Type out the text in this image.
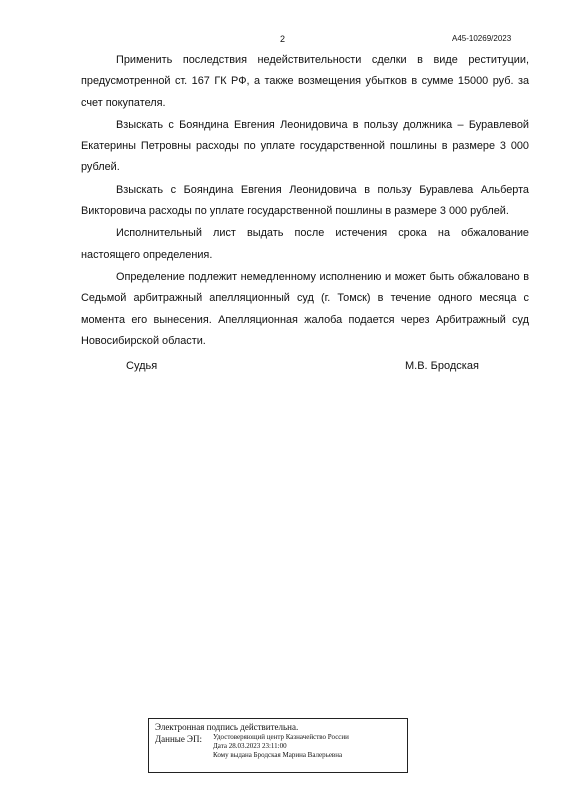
2	А45-10269/2023

Применить последствия недействительности сделки в виде реституции, предусмотренной ст. 167 ГК РФ, а также возмещения убытков в сумме 15000 руб. за счет покупателя.

Взыскать с Бояндина Евгения Леонидовича в пользу должника – Буравлевой Екатерины Петровны расходы по уплате государственной пошлины в размере 3 000 рублей.

Взыскать с Бояндина Евгения Леонидовича в пользу Буравлева Альберта Викторовича расходы по уплате государственной пошлины в размере 3 000 рублей.

Исполнительный лист выдать после истечения срока на обжалование настоящего определения.

Определение подлежит немедленному исполнению и может быть обжаловано в Седьмой арбитражный апелляционный суд (г. Томск) в течение одного месяца с момента его вынесения. Апелляционная жалоба подается через Арбитражный суд Новосибирской области.

Судья	М.В. Бродская
Электронная подпись действительна.
Данные ЭП:	Удостоверяющий центр Казначейство России
Дата 28.03.2023 23:11:00
Кому выдана Бродская Марина Валерьевна
